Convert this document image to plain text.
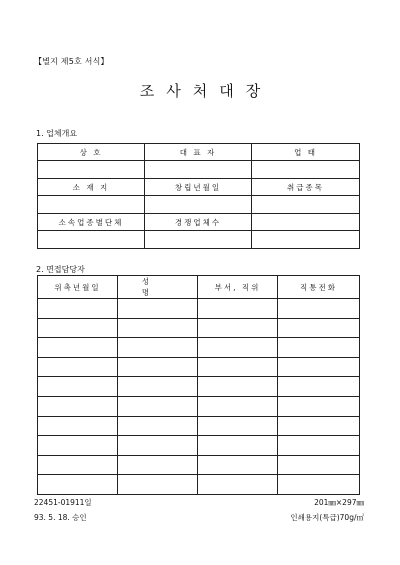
【별지 제5호 서식】
조사처대장
1. 업체개요
상 호	대 표 자	업 태

소 재 지	창립년월일	취급종목

소속업종별단체	경쟁업체수	

2. 면접담당자
위촉년월일	성 명	부서, 직위	직통전화

22451-01911일
93. 5. 18. 승인
201㎜×297㎜
인쇄용지(특급)70g/㎡
